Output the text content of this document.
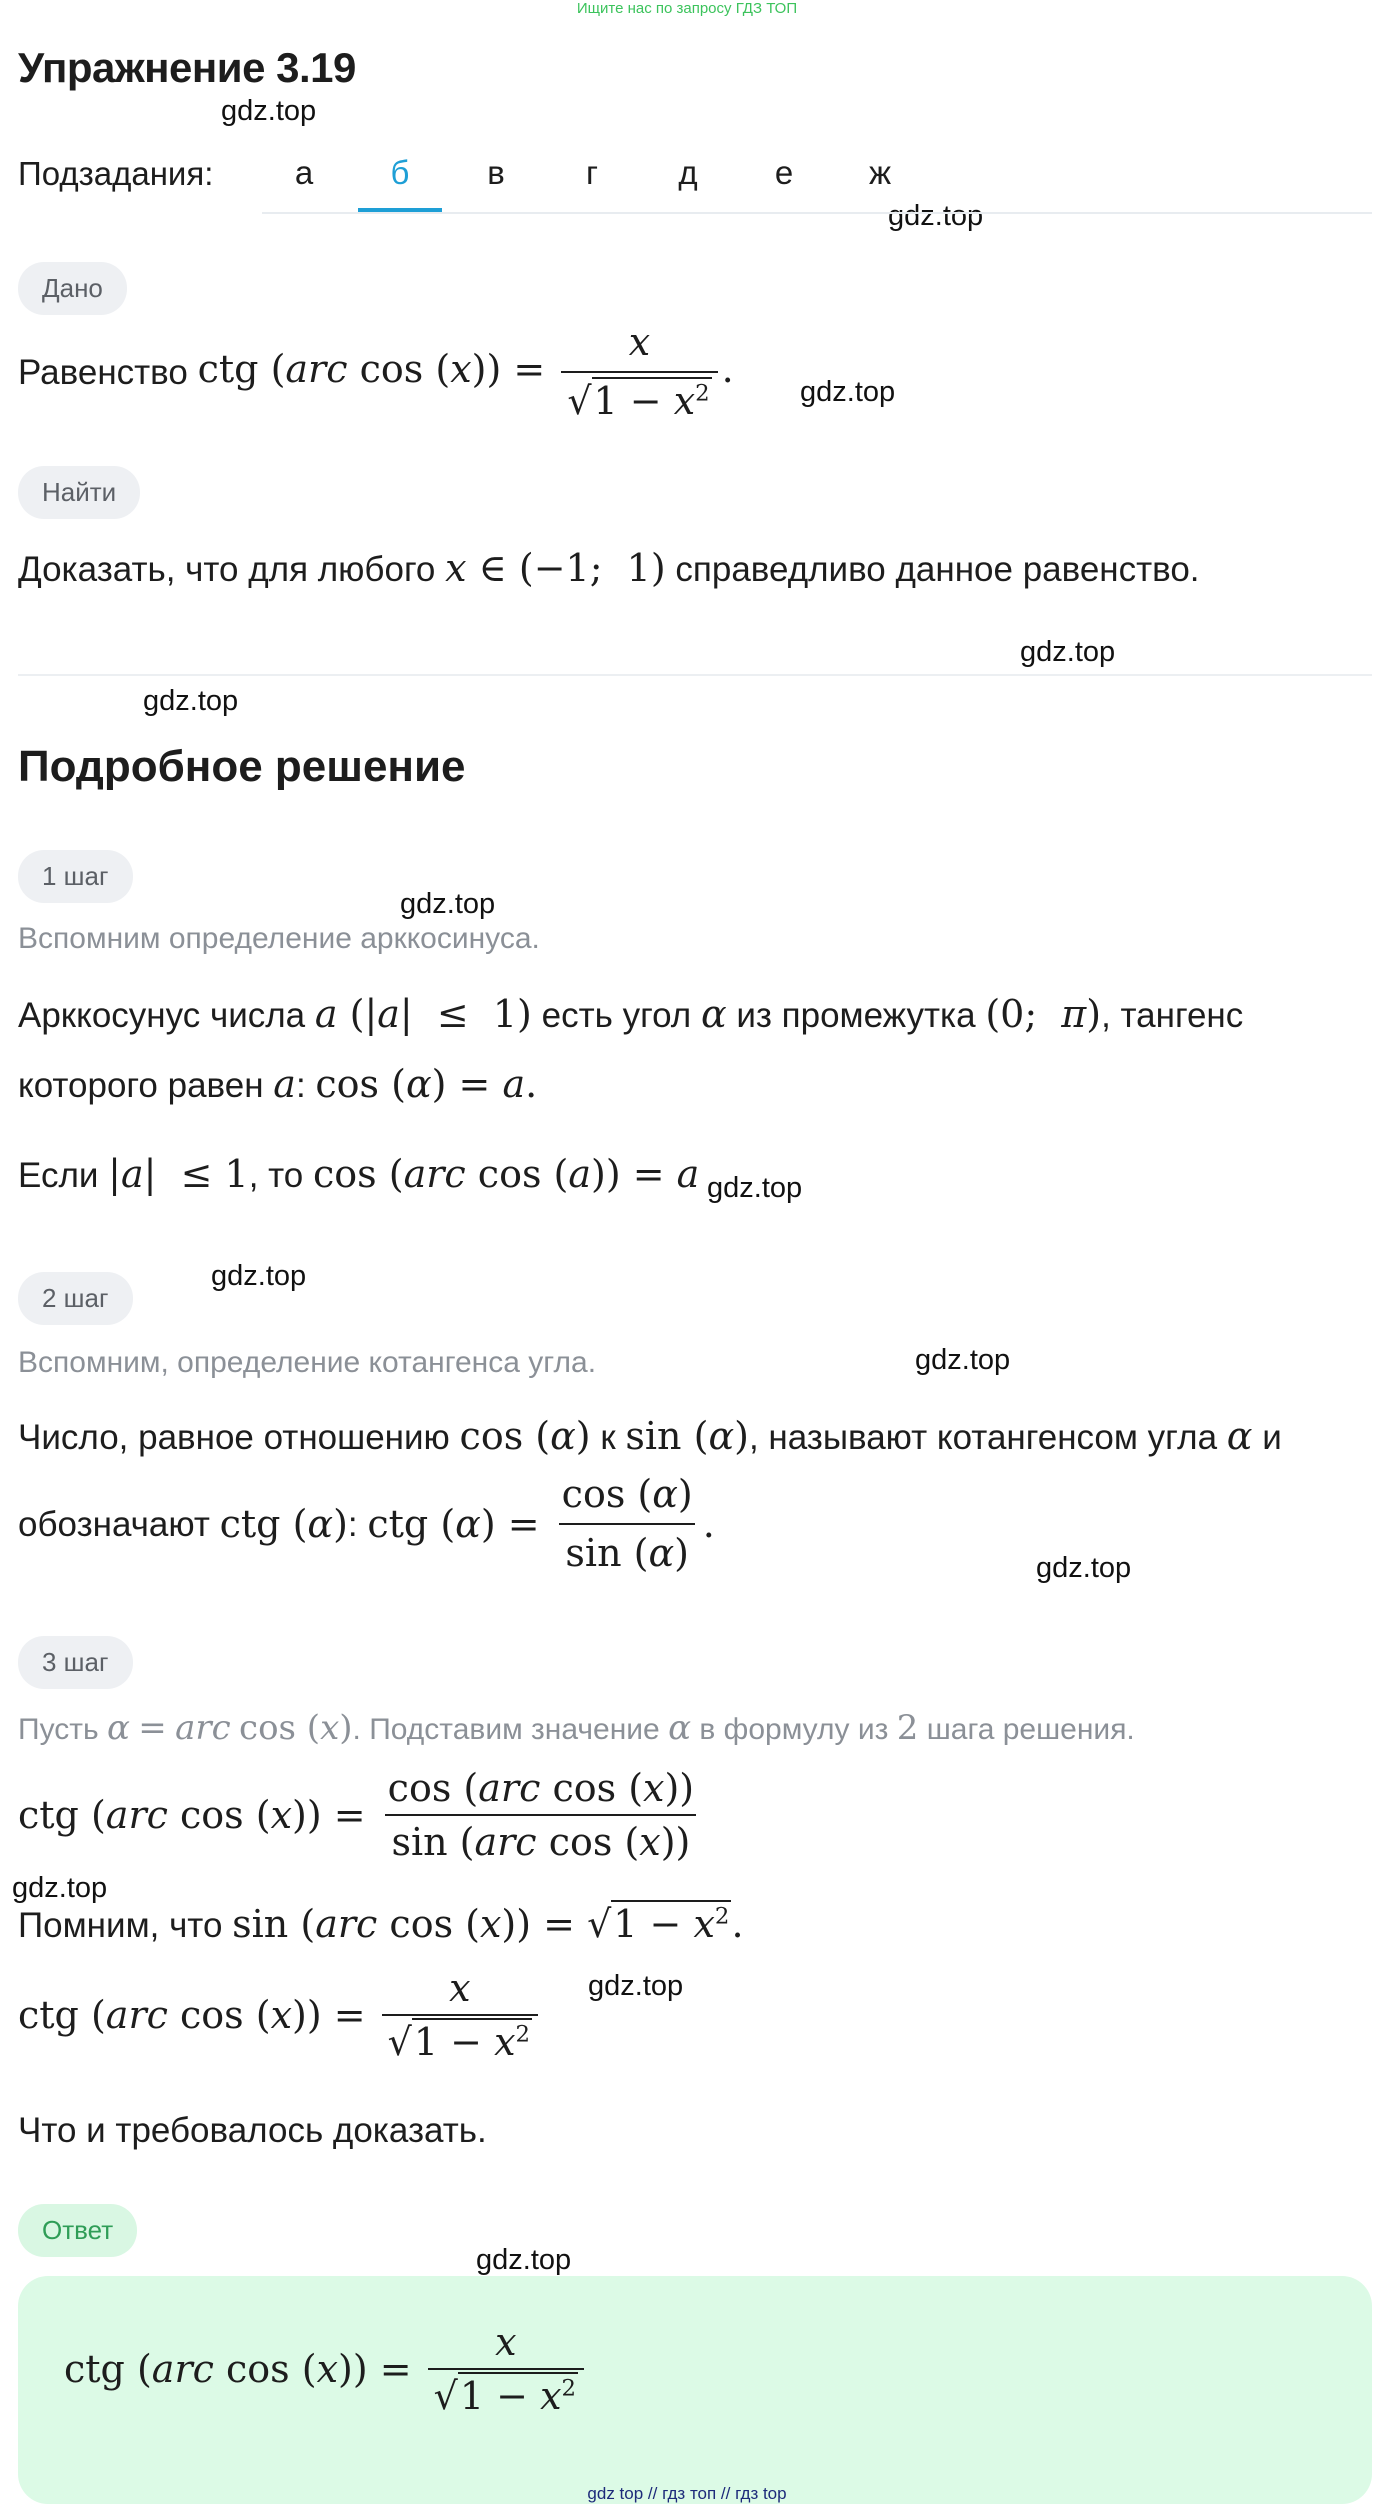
Ищите нас по запросу ГДЗ ТОП
Упражнение 3.19
gdz.top
gdz.top
gdz.top
gdz.top
gdz.top
gdz.top
gdz.top
gdz.top
gdz.top
gdz.top
gdz.top
gdz.top
gdz.top
Подзадания:	а	б	в	г	д	е	ж
Дано
Равенство
ctg (arc $\cos (x)) = \frac{x}{√1 - x^2}$ .
Найти
Доказать, что для любого x ∈ (−1;  1) справедливо данное равенство.
Подробное решение
1 шаг
Вспомним определение арккосинуса.
Арккосунус числа a (|a|  ≤  1) есть угол α из промежутка (0;  π), тангенс
которого равен a: cos (α) = a.
Если |a|  ≤ 1, то cos (arc cos (a)) = a
2 шаг
Вспомним, определение котангенса угла.
Число, равное отношению cos (α) к sin (α), называют котангенсом угла α и
обозначают
ctg (α) : ctg ( α ) = $\frac{\cos (\alpha)}{\sin (\alpha)}$ .
3 шаг
Пусть α = arc cos (x). Подставим значение α в формулу из 2 шага решения.
ctg ( arc
cos ( x )) = $\frac{\text{cos (arc cos (x))}}{\text{sin (arc cos (x))}}$
Помним, что sin (arc $\cos (x)) = √1 - x^2$.
ctg ( arc
cos ( x )) = $\frac{x}{√1 - x^2}$
Что и требовалось доказать.
Ответ
ctg ( arc
cos ( x )) = $\frac{x}{√1 - x^2}$
gdz top // гдз топ // гдз top
